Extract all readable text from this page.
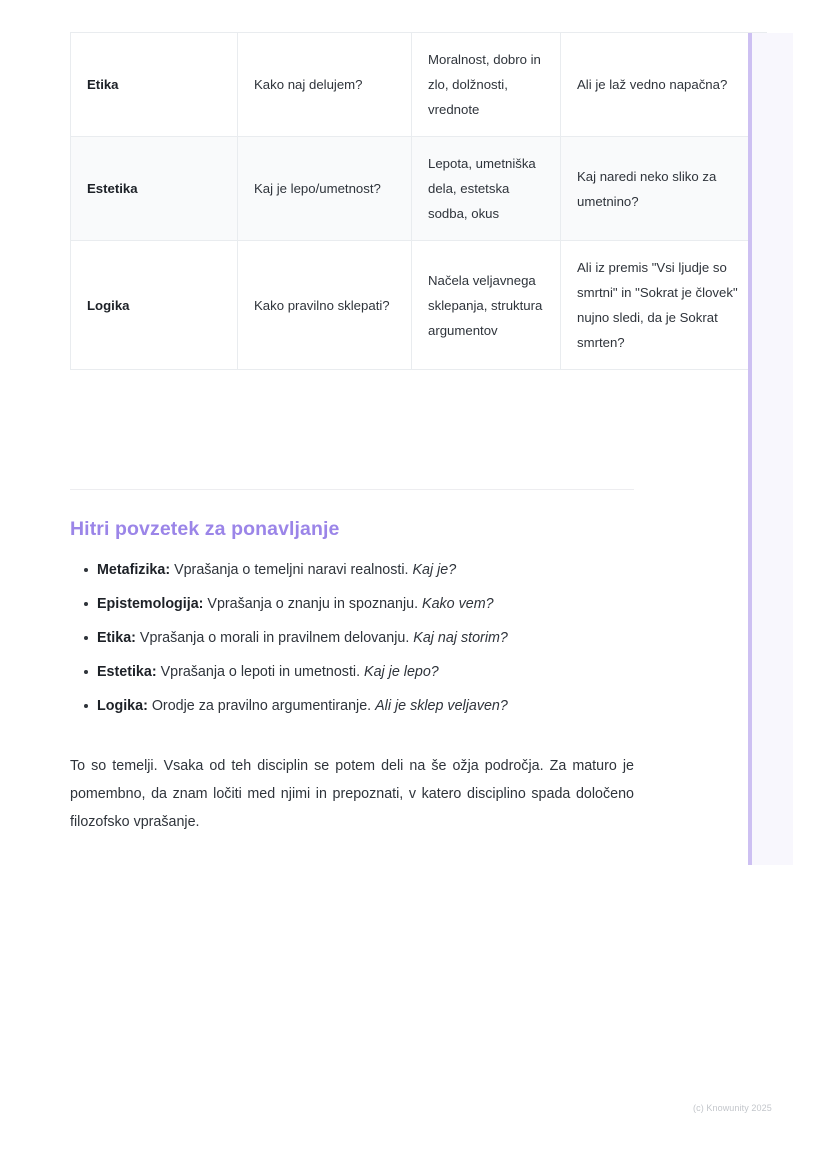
Etika	Kako naj delujem?	Moralnost, dobro in zlo, dolžnosti, vrednote	Ali je laž vedno napačna?
Estetika	Kaj je lepo/umetnost?	Lepota, umetniška dela, estetska sodba, okus	Kaj naredi neko sliko za umetnino?
Logika	Kako pravilno sklepati?	Načela veljavnega sklepanja, struktura argumentov	Ali iz premis "Vsi ljudje so smrtni" in "Sokrat je človek" nujno sledi, da je Sokrat smrten?
Hitri povzetek za ponavljanje
Metafizika: Vprašanja o temeljni naravi realnosti. Kaj je?
Epistemologija: Vprašanja o znanju in spoznanju. Kako vem?
Etika: Vprašanja o morali in pravilnem delovanju. Kaj naj storim?
Estetika: Vprašanja o lepoti in umetnosti. Kaj je lepo?
Logika: Orodje za pravilno argumentiranje. Ali je sklep veljaven?

To so temelji. Vsaka od teh disciplin se potem deli na še ožja področja. Za maturo je pomembno, da znam ločiti med njimi in prepoznati, v katero disciplino spada določeno filozofsko vprašanje.

(c) Knowunity 2025
